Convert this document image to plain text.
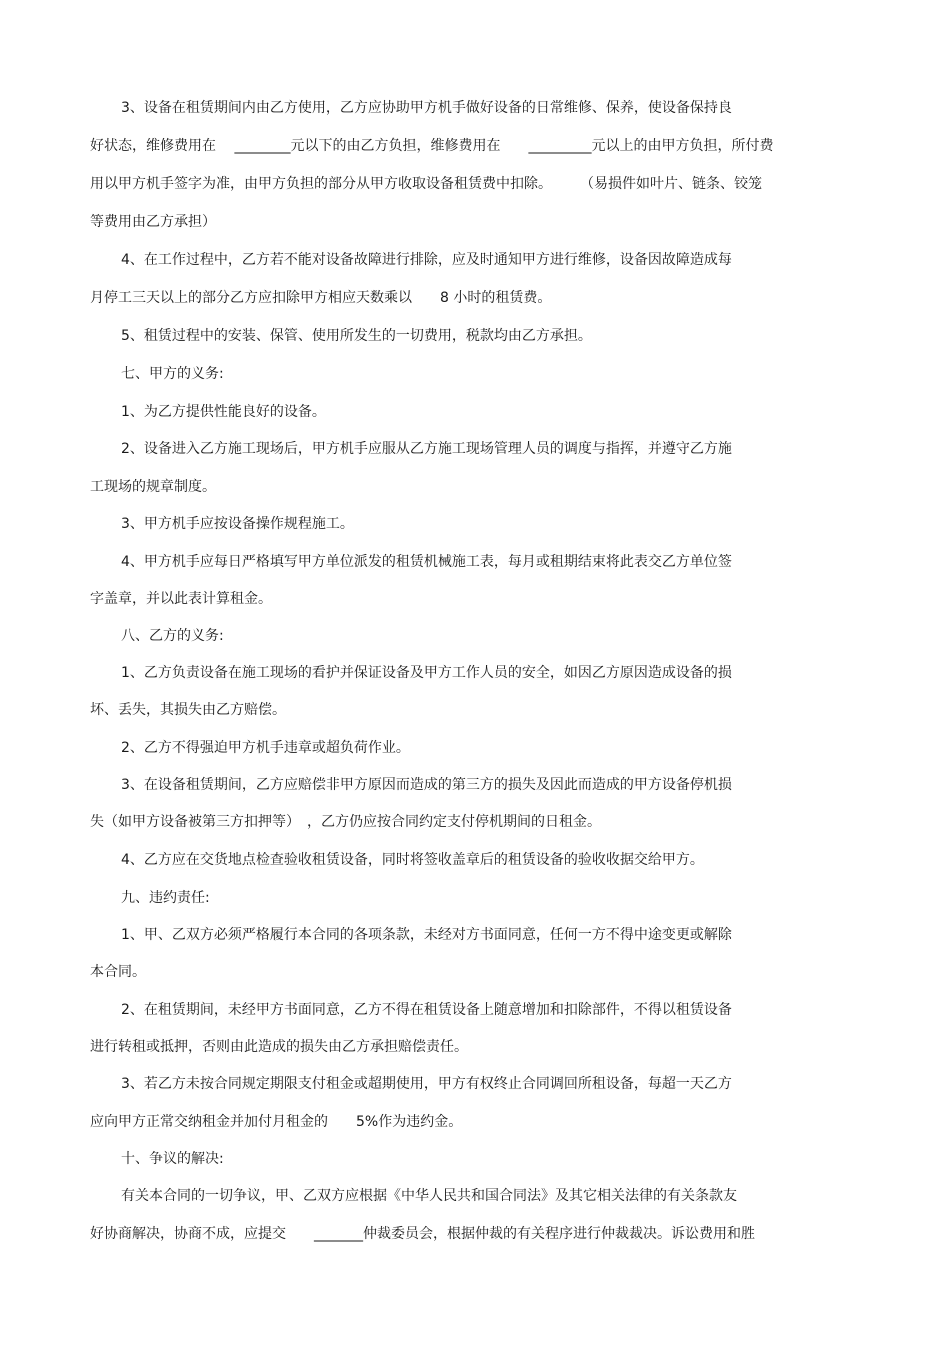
3、设备在租赁期间内由乙方使用，乙方应协助甲方机手做好设备的日常维修、保养，使设备保持良
好状态，维修费用在　 ________元以下的由乙方负担，维修费用在　　_________元以上的由甲方负担，所付费
用以甲方机手签字为准，由甲方负担的部分从甲方收取设备租赁费中扣除。　　　（易损件如叶片、链条、铰笼
等费用由乙方承担）
4、在工作过程中，乙方若不能对设备故障进行排除，应及时通知甲方进行维修，设备因故障造成每
月停工三天以上的部分乙方应扣除甲方相应天数乘以　　8 小时的租赁费。
5、租赁过程中的安装、保管、使用所发生的一切费用，税款均由乙方承担。
七、甲方的义务:
1、为乙方提供性能良好的设备。
2、设备进入乙方施工现场后，甲方机手应服从乙方施工现场管理人员的调度与指挥，并遵守乙方施
工现场的规章制度。
3、甲方机手应按设备操作规程施工。
4、甲方机手应每日严格填写甲方单位派发的租赁机械施工表，每月或租期结束将此表交乙方单位签
字盖章，并以此表计算租金。
八、乙方的义务:
1、乙方负责设备在施工现场的看护并保证设备及甲方工作人员的安全，如因乙方原因造成设备的损
坏、丢失，其损失由乙方赔偿。
2、乙方不得强迫甲方机手违章或超负荷作业。
3、在设备租赁期间，乙方应赔偿非甲方原因而造成的第三方的损失及因此而造成的甲方设备停机损
失（如甲方设备被第三方扣押等）　，乙方仍应按合同约定支付停机期间的日租金。
4、乙方应在交货地点检查验收租赁设备，同时将签收盖章后的租赁设备的验收收据交给甲方。
九、违约责任:
1、甲、乙双方必须严格履行本合同的各项条款，未经对方书面同意，任何一方不得中途变更或解除
本合同。
2、在租赁期间，未经甲方书面同意，乙方不得在租赁设备上随意增加和扣除部件，不得以租赁设备
进行转租或抵押，否则由此造成的损失由乙方承担赔偿责任。
3、若乙方未按合同规定期限支付租金或超期使用，甲方有权终止合同调回所租设备，每超一天乙方
应向甲方正常交纳租金并加付月租金的　　5%作为违约金。
十、争议的解决:
有关本合同的一切争议，甲、乙双方应根据《中华人民共和国合同法》及其它相关法律的有关条款友
好协商解决，协商不成，应提交　　_______仲裁委员会，根据仲裁的有关程序进行仲裁裁决。诉讼费用和胜
